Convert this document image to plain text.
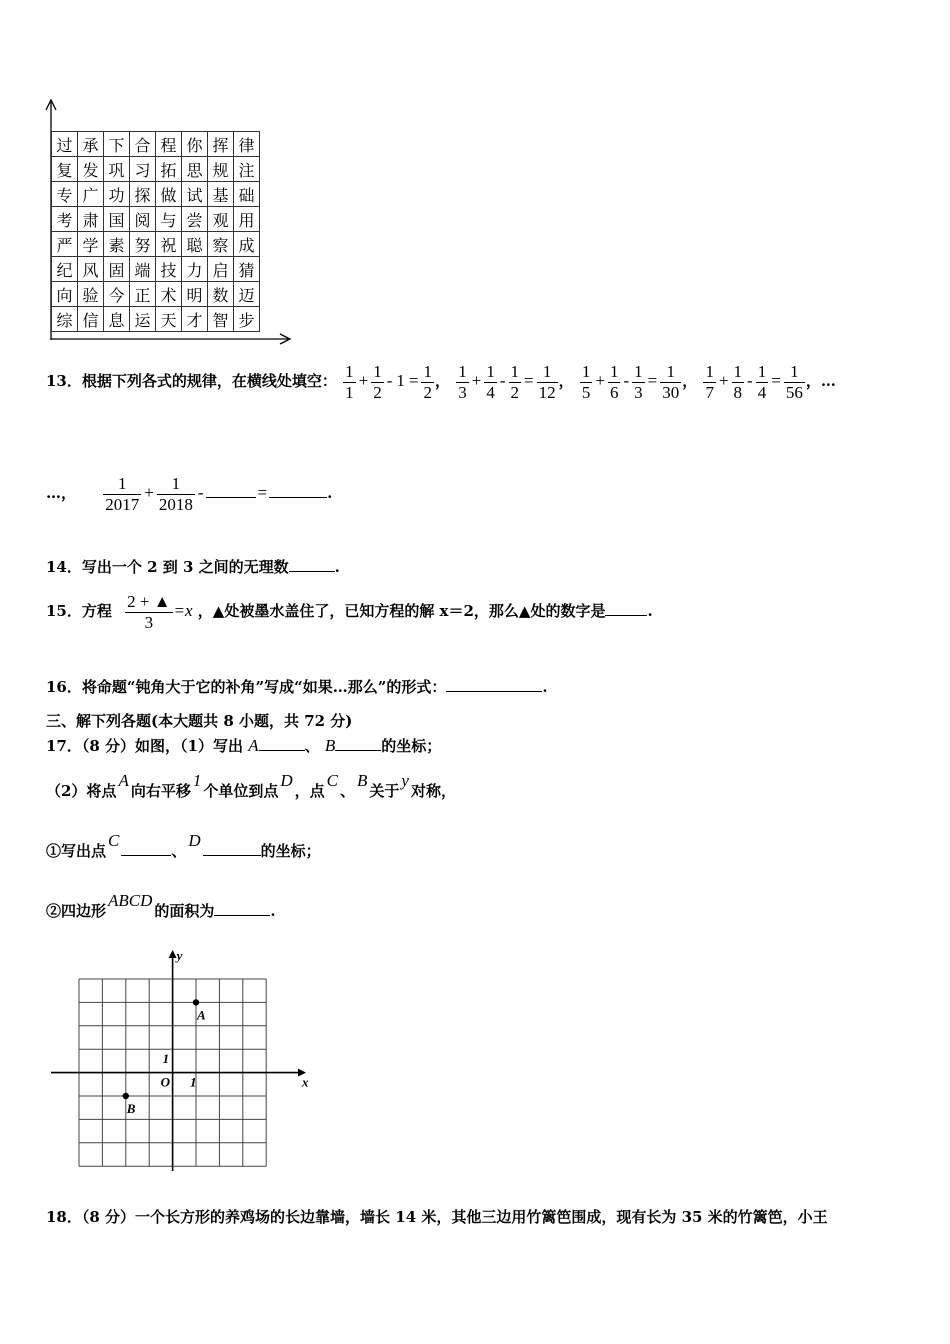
过	承	下	合	程	你	挥	律
复	发	巩	习	拓	思	规	注
专	广	功	探	做	试	基	础
考	肃	国	阅	与	尝	观	用
严	学	素	努	祝	聪	察	成
纪	风	固	端	技	力	启	猜
向	验	今	正	术	明	数	迈
综	信	息	运	天	才	智	步
13．根据下列各式的规律，在横线处填空： $\frac{1}{1} + \frac{1}{2} - 1 = \frac{1}{2}$ ， $\frac{1}{3} + \frac{1}{4} - \frac{1}{2} = \frac{1}{12}$ ， $\frac{1}{5} + \frac{1}{6} - \frac{1}{3} = \frac{1}{30}$ ， $\frac{1}{7} + \frac{1}{8} - \frac{1}{4} = \frac{1}{56}$ ，…
…， $\frac{1}{2017} + \frac{1}{2018}$ -	=	.
14．写出一个 2 到 3 之间的无理数	.
15．方程 $\frac{2 + ▲}{3} =x$ ，▲处被墨水盖住了，已知方程的解 x＝2，那么▲处的数字是	.
16．将命题“钝角大于它的补角”写成“如果…那么”的形式：	.
三、解下列各题(本大题共 8 小题，共 72 分)
17．（8 分）如图，（1）写出 A	、 B	的坐标；
（2）将点A向右平移1个单位到点D，点C、B关于y对称，
①写出点C、D的坐标；
②四边形ABCD的面积为	.
x
y
O 1
1
A
B
18．（8 分）一个长方形的养鸡场的长边靠墙，墙长 14 米，其他三边用竹篱笆围成，现有长为 35 米的竹篱笆，小王
